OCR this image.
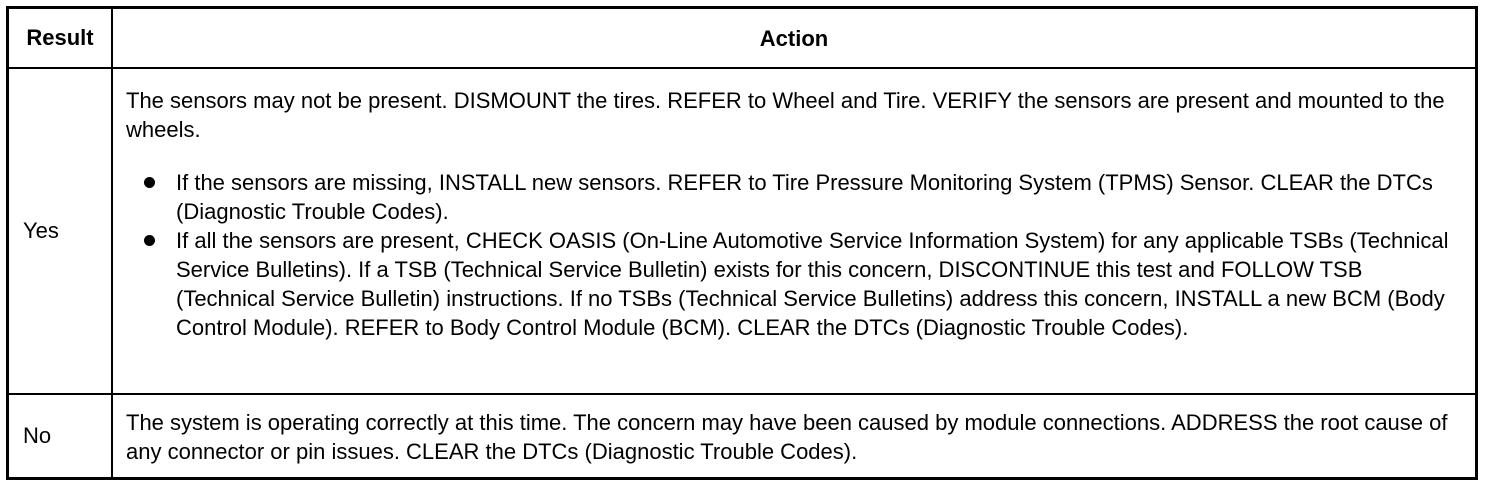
Result	Action
Yes

The sensors may not be present. DISMOUNT the tires. REFER to Wheel and Tire. VERIFY the sensors are present and mounted to the wheels.

If the sensors are missing, INSTALL new sensors. REFER to Tire Pressure Monitoring System (TPMS) Sensor. CLEAR the DTCs (Diagnostic Trouble Codes).
If all the sensors are present, CHECK OASIS (On-Line Automotive Service Information System) for any applicable TSBs (Technical Service Bulletins). If a TSB (Technical Service Bulletin) exists for this concern, DISCONTINUE this test and FOLLOW TSB (Technical Service Bulletin) instructions. If no TSBs (Technical Service Bulletins) address this concern, INSTALL a new BCM (Body Control Module). REFER to Body Control Module (BCM). CLEAR the DTCs (Diagnostic Trouble Codes).
No

The system is operating correctly at this time. The concern may have been caused by module connections. ADDRESS the root cause of any connector or pin issues. CLEAR the DTCs (Diagnostic Trouble Codes).
